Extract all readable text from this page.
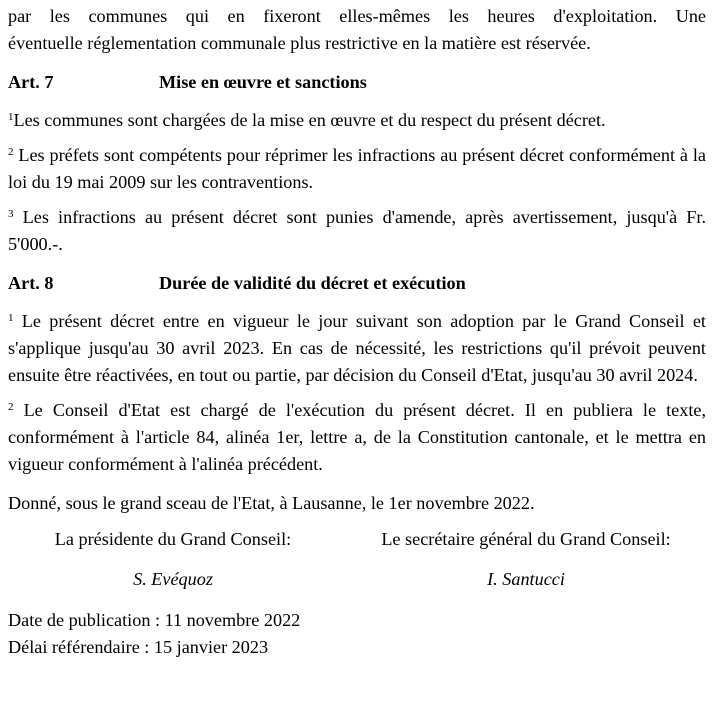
par les communes qui en fixeront elles-mêmes les heures d'exploitation. Une

éventuelle réglementation communale plus restrictive en la matière est réservée.

Art. 7	Mise en œuvre et sanctions

$^1$Les communes sont chargées de la mise en œuvre et du respect du présent décret.

$^2$ Les préfets sont compétents pour réprimer les infractions au présent décret conformément à la loi du 19 mai 2009 sur les contraventions.

$^3$ Les infractions au présent décret sont punies d'amende, après avertissement, jusqu'à Fr. 5'000.-.

Art. 8	Durée de validité du décret et exécution

$^1$ Le présent décret entre en vigueur le jour suivant son adoption par le Grand Conseil et s'applique jusqu'au 30 avril 2023. En cas de nécessité, les restrictions qu'il prévoit peuvent ensuite être réactivées, en tout ou partie, par décision du Conseil d'Etat, jusqu'au 30 avril 2024.

$^2$ Le Conseil d'Etat est chargé de l'exécution du présent décret. Il en publiera le texte, conformément à l'article 84, alinéa 1er, lettre a, de la Constitution cantonale, et le mettra en vigueur conformément à l'alinéa précédent.

Donné, sous le grand sceau de l'Etat, à Lausanne, le 1er novembre 2022.

La présidente du Grand Conseil:
S. Evéquoz
Le secrétaire général du Grand Conseil:
I. Santucci
Date de publication : 11 novembre 2022
Délai référendaire : 15 janvier 2023
